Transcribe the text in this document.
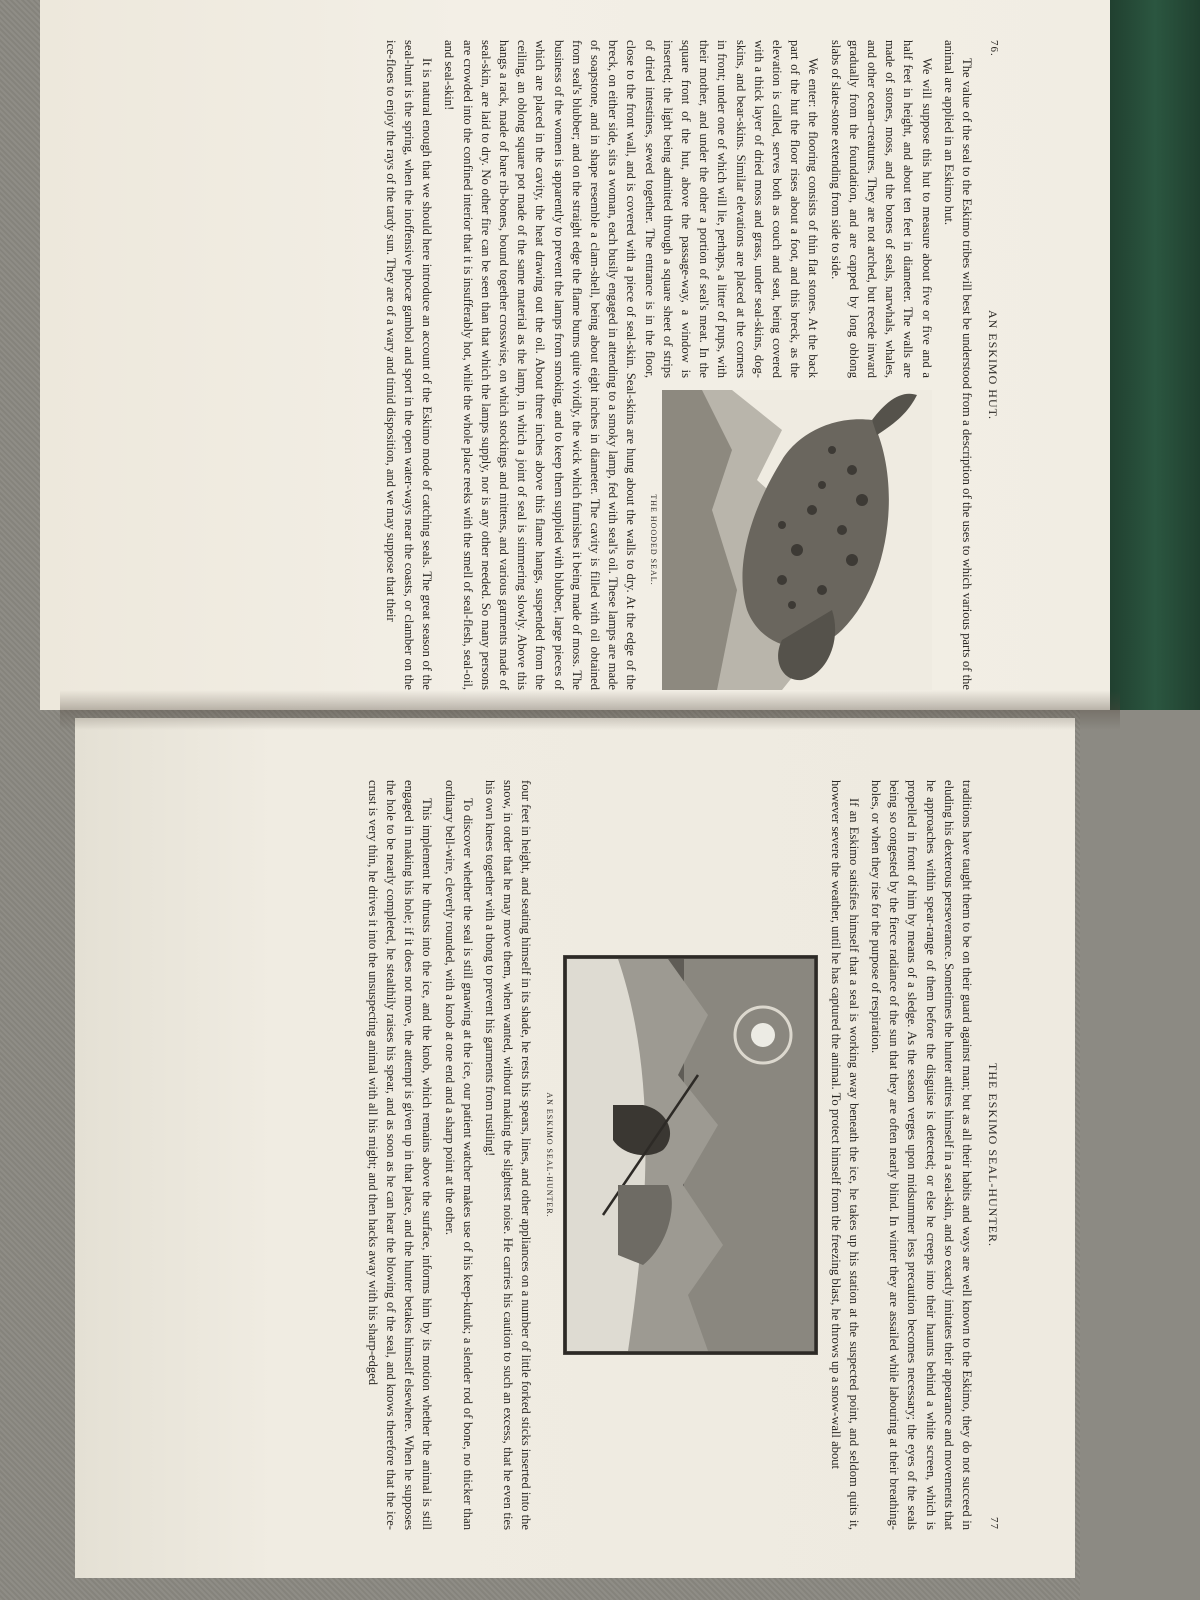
76.
AN ESKIMO HUT.

The value of the seal to the Eskimo tribes will best be understood from a description of the uses to which various parts of the animal are applied in an Eskimo hut.

THE HOODED SEAL.

We will suppose this hut to measure about five or five and a half feet in height, and about ten feet in diameter. The walls are made of stones, moss, and the bones of seals, narwhals, whales, and other ocean-creatures. They are not arched, but recede inward gradually from the foundation, and are capped by long oblong slabs of slate-stone extending from side to side.

We enter: the flooring consists of thin flat stones. At the back part of the hut the floor rises about a foot, and this breck, as the elevation is called, serves both as couch and seat, being covered with a thick layer of dried moss and grass, under seal-skins, dog-skins, and bear-skins. Similar elevations are placed at the corners in front; under one of which will lie, perhaps, a litter of pups, with their mother, and under the other a portion of seal's meat. In the square front of the hut, above the passage-way, a window is inserted; the light being admitted through a square sheet of strips of dried intestines, sewed together. The entrance is in the floor, close to the front wall, and is covered with a piece of seal-skin. Seal-skins are hung about the walls to dry. At the edge of the breck, on either side, sits a woman, each busily engaged in attending to a smoky lamp, fed with seal's oil. These lamps are made of soapstone, and in shape resemble a clam-shell, being about eight inches in diameter. The cavity is filled with oil obtained from seal's blubber; and on the straight edge the flame burns quite vividly, the wick which furnishes it being made of moss. The business of the women is apparently to prevent the lamps from smoking, and to keep them supplied with blubber, large pieces of which are placed in the cavity, the heat drawing out the oil. About three inches above this flame hangs, suspended from the ceiling, an oblong square pot made of the same material as the lamp, in which a joint of seal is simmering slowly. Above this hangs a rack, made of bare rib-bones, bound together crosswise, on which stockings and mittens, and various garments made of seal-skin, are laid to dry. No other fire can be seen than that which the lamps supply, nor is any other needed. So many persons are crowded into the confined interior that it is insufferably hot, while the whole place reeks with the smell of seal-flesh, seal-oil, and seal-skin!

It is natural enough that we should here introduce an account of the Eskimo mode of catching seals. The great season of the seal-hunt is the spring, when the inoffensive phocæ gambol and sport in the open water-ways near the coasts, or clamber on the ice-floes to enjoy the rays of the tardy sun. They are of a wary and timid disposition, and we may suppose that their

THE ESKIMO SEAL-HUNTER.
77

traditions have taught them to be on their guard against man; but as all their habits and ways are well known to the Eskimo, they do not succeed in eluding his dexterous perseverance. Sometimes the hunter attires himself in a seal-skin, and so exactly imitates their appearance and movements that he approaches within spear-range of them before the disguise is detected; or else he creeps into their haunts behind a white screen, which is propelled in front of him by means of a sledge. As the season verges upon midsummer less precaution becomes necessary; the eyes of the seals being so congested by the fierce radiance of the sun that they are often nearly blind. In winter they are assailed while labouring at their breathing-holes, or when they rise for the purpose of respiration.

If an Eskimo satisfies himself that a seal is working away beneath the ice, he takes up his station at the suspected point, and seldom quits it, however severe the weather, until he has captured the animal. To protect himself from the freezing blast, he throws up a snow-wall about

AN ESKIMO SEAL-HUNTER.

four feet in height, and seating himself in its shade, he rests his spears, lines, and other appliances on a number of little forked sticks inserted into the snow, in order that he may move them, when wanted, without making the slightest noise. He carries his caution to such an excess, that he even ties his own knees together with a thong to prevent his garments from rustling!

To discover whether the seal is still gnawing at the ice, our patient watcher makes use of his keep-kutuk; a slender rod of bone, no thicker than ordinary bell-wire, cleverly rounded, with a knob at one end and a sharp point at the other.

This implement he thrusts into the ice, and the knob, which remains above the surface, informs him by its motion whether the animal is still engaged in making his hole; if it does not move, the attempt is given up in that place, and the hunter betakes himself elsewhere. When he supposes the hole to be nearly completed, he stealthily raises his spear, and as soon as he can hear the blowing of the seal, and knows therefore that the ice-crust is very thin, he drives it into the unsuspecting animal with all his might; and then hacks away with his sharp-edged
